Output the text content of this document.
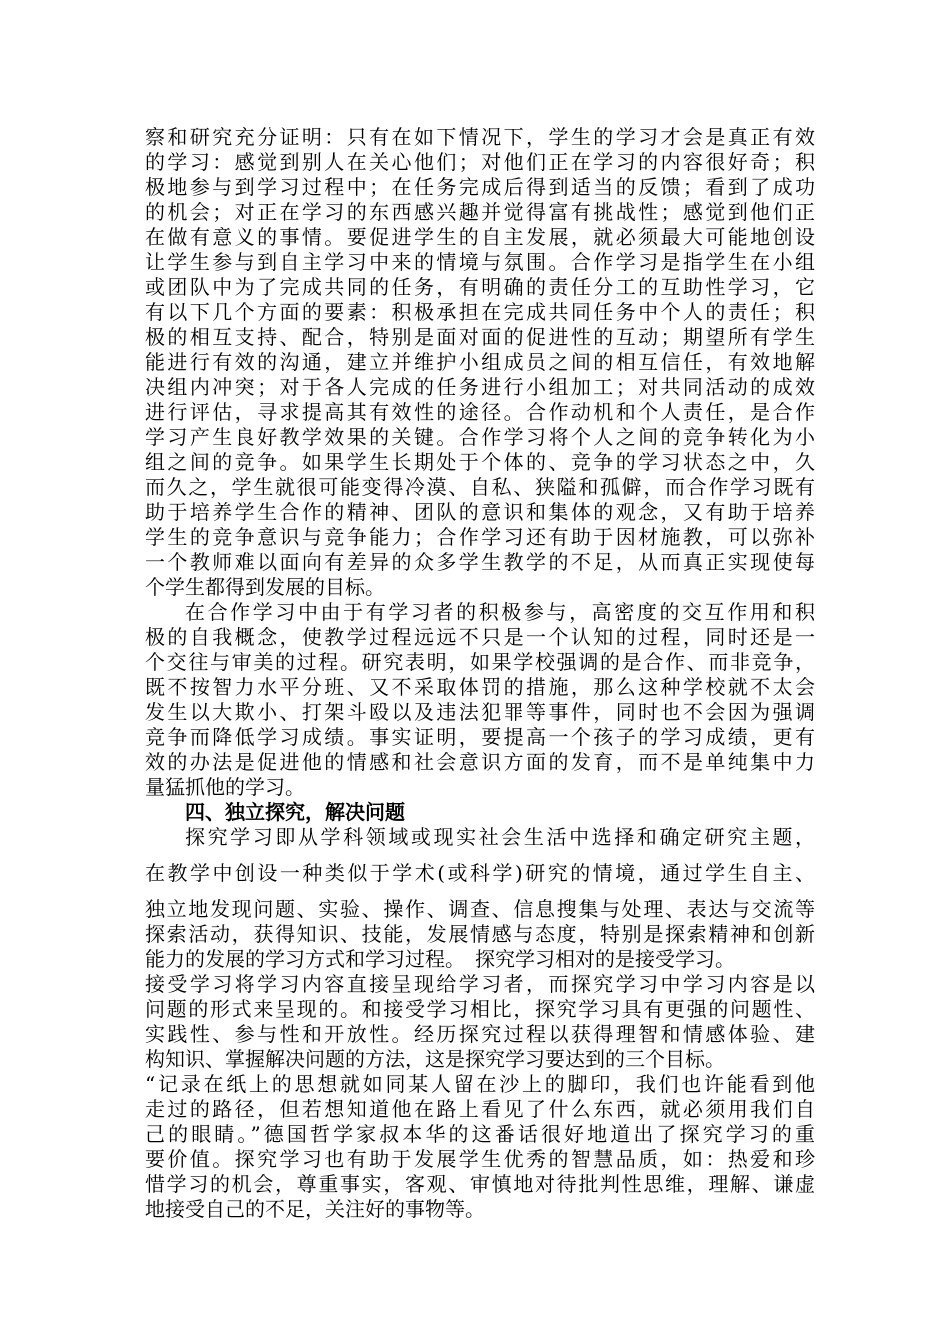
察和研究充分证明：只有在如下情况下，学生的学习才会是真正有效
的学习：感觉到别人在关心他们；对他们正在学习的内容很好奇；积
极地参与到学习过程中；在任务完成后得到适当的反馈；看到了成功
的机会；对正在学习的东西感兴趣并觉得富有挑战性；感觉到他们正
在做有意义的事情。要促进学生的自主发展，就必须最大可能地创设
让学生参与到自主学习中来的情境与氛围。合作学习是指学生在小组
或团队中为了完成共同的任务，有明确的责任分工的互助性学习，它
有以下几个方面的要素：积极承担在完成共同任务中个人的责任；积
极的相互支持、配合，特别是面对面的促进性的互动；期望所有学生
能进行有效的沟通，建立并维护小组成员之间的相互信任，有效地解
决组内冲突；对于各人完成的任务进行小组加工；对共同活动的成效
进行评估，寻求提高其有效性的途径。合作动机和个人责任，是合作
学习产生良好教学效果的关键。合作学习将个人之间的竞争转化为小
组之间的竞争。如果学生长期处于个体的、竞争的学习状态之中，久
而久之，学生就很可能变得冷漠、自私、狭隘和孤僻，而合作学习既有
助于培养学生合作的精神、团队的意识和集体的观念，又有助于培养
学生的竞争意识与竞争能力；合作学习还有助于因材施教，可以弥补
一个教师难以面向有差异的众多学生教学的不足，从而真正实现使每
个学生都得到发展的目标。
在合作学习中由于有学习者的积极参与，高密度的交互作用和积
极的自我概念，使教学过程远远不只是一个认知的过程，同时还是一
个交往与审美的过程。研究表明，如果学校强调的是合作、而非竞争，
既不按智力水平分班、又不采取体罚的措施，那么这种学校就不太会
发生以大欺小、打架斗殴以及违法犯罪等事件，同时也不会因为强调
竞争而降低学习成绩。事实证明，要提高一个孩子的学习成绩，更有
效的办法是促进他的情感和社会意识方面的发育，而不是单纯集中力
量猛抓他的学习。
四、独立探究，解决问题
探究学习即从学科领域或现实社会生活中选择和确定研究主题，
在教学中创设一种类似于学术(或科学)研究的情境，通过学生自主、
独立地发现问题、实验、操作、调查、信息搜集与处理、表达与交流等
探索活动，获得知识、技能，发展情感与态度，特别是探索精神和创新
能力的发展的学习方式和学习过程。　探究学习相对的是接受学习。
接受学习将学习内容直接呈现给学习者，而探究学习中学习内容是以
问题的形式来呈现的。和接受学习相比，探究学习具有更强的问题性、
实践性、参与性和开放性。经历探究过程以获得理智和情感体验、建
构知识、掌握解决问题的方法，这是探究学习要达到的三个目标。
“记录在纸上的思想就如同某人留在沙上的脚印，我们也许能看到他
走过的路径，但若想知道他在路上看见了什么东西，就必须用我们自
己的眼睛。”德国哲学家叔本华的这番话很好地道出了探究学习的重
要价值。探究学习也有助于发展学生优秀的智慧品质，如：热爱和珍
惜学习的机会，尊重事实，客观、审慎地对待批判性思维，理解、谦虚
地接受自己的不足，关注好的事物等。
